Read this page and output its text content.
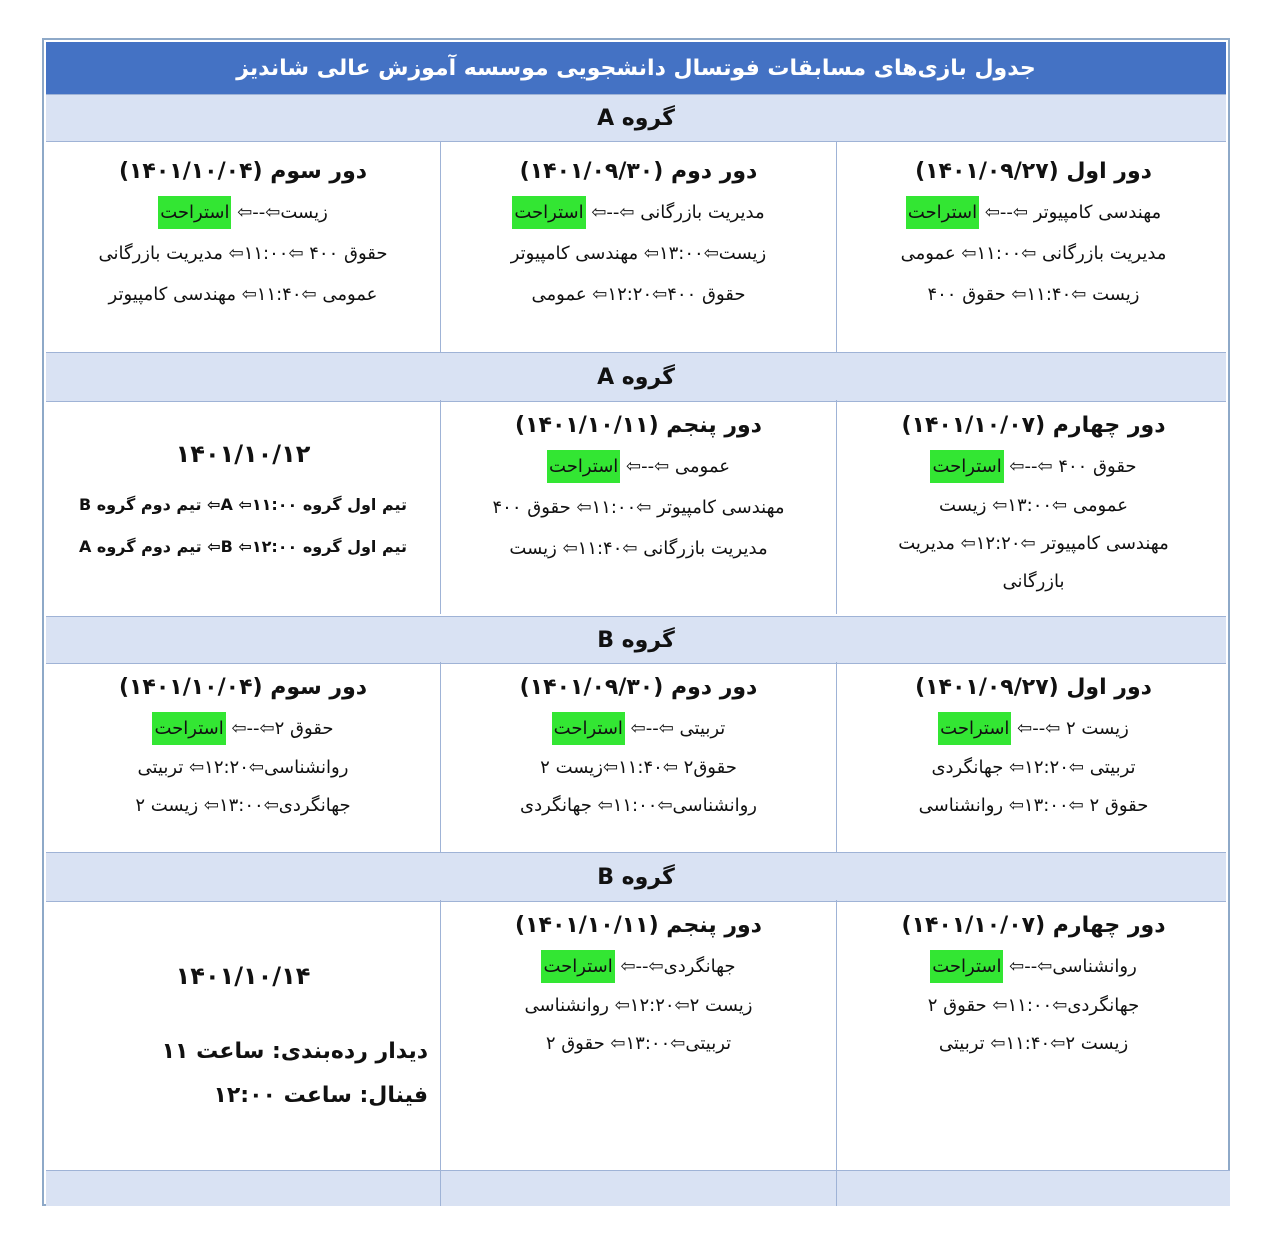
جدول بازی‌های مسابقات فوتسال دانشجویی موسسه آموزش عالی شاندیز
گروه A
دور اول (۱۴۰۱/۰۹/۲۷)
مهندسی کامپیوتر ⇦--⇦ استراحت
مدیریت بازرگانی ⇦۱۱:۰۰⇦ عمومی
زیست ⇦۱۱:۴۰⇦ حقوق ۴۰۰
دور دوم (۱۴۰۱/۰۹/۳۰)
مدیریت بازرگانی ⇦--⇦ استراحت
زیست⇦۱۳:۰۰⇦ مهندسی کامپیوتر
حقوق ۴۰۰⇦۱۲:۲۰⇦ عمومی
دور سوم (۱۴۰۱/۱۰/۰۴)
زیست⇦--⇦ استراحت
حقوق ۴۰۰ ⇦۱۱:۰۰⇦ مدیریت بازرگانی
عمومی ⇦۱۱:۴۰⇦ مهندسی کامپیوتر
گروه A
دور چهارم (۱۴۰۱/۱۰/۰۷)
حقوق ۴۰۰ ⇦--⇦ استراحت
عمومی ⇦۱۳:۰۰⇦ زیست
مهندسی کامپیوتر ⇦۱۲:۲۰⇦ مدیریت
بازرگانی
دور پنجم (۱۴۰۱/۱۰/۱۱)
عمومی ⇦--⇦ استراحت
مهندسی کامپیوتر ⇦۱۱:۰۰⇦ حقوق ۴۰۰
مدیریت بازرگانی ⇦۱۱:۴۰⇦ زیست
۱۴۰۱/۱۰/۱۲
تیم اول گروه A ⇦۱۱:۰۰⇦ تیم دوم گروه B
تیم اول گروه B ⇦۱۲:۰۰⇦ تیم دوم گروه A
گروه B
دور اول (۱۴۰۱/۰۹/۲۷)
زیست ۲ ⇦--⇦ استراحت
تربیتی ⇦۱۲:۲۰⇦ جهانگردی
حقوق ۲ ⇦۱۳:۰۰⇦ روانشناسی
دور دوم (۱۴۰۱/۰۹/۳۰)
تربیتی ⇦--⇦ استراحت
حقوق۲ ⇦۱۱:۴۰⇦زیست ۲
روانشناسی⇦۱۱:۰۰⇦ جهانگردی
دور سوم (۱۴۰۱/۱۰/۰۴)
حقوق ۲⇦--⇦ استراحت
روانشناسی⇦۱۲:۲۰⇦ تربیتی
جهانگردی⇦۱۳:۰۰⇦ زیست ۲
گروه B
دور چهارم (۱۴۰۱/۱۰/۰۷)
روانشناسی⇦--⇦ استراحت
جهانگردی⇦۱۱:۰۰⇦ حقوق ۲
زیست ۲⇦۱۱:۴۰⇦ تربیتی
دور پنجم (۱۴۰۱/۱۰/۱۱)
جهانگردی⇦--⇦ استراحت
زیست ۲⇦۱۲:۲۰⇦ روانشناسی
تربیتی⇦۱۳:۰۰⇦ حقوق ۲
۱۴۰۱/۱۰/۱۴
دیدار رده‌بندی: ساعت ۱۱
فینال: ساعت ۱۲:۰۰
